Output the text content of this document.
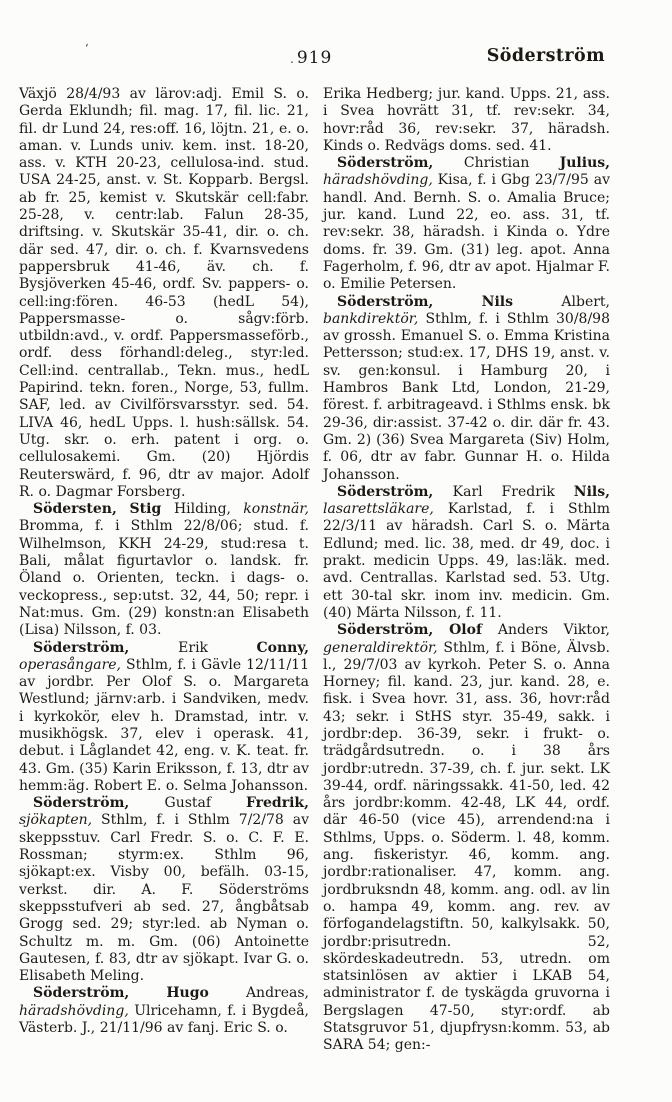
ʻ
. 919	Söderström

Växjö 28/4/93 av lärov:adj. Emil S. o. Gerda Eklundh; fil. mag. 17, fil. lic. 21, fil. dr Lund 24, res:off. 16, löjtn. 21, e. o. aman. v. Lunds univ. kem. inst. 18-20, ass. v. KTH 20-23, cellulosa-ind. stud. USA 24-25, anst. v. St. Kopparb. Bergsl. ab fr. 25, kemist v. Skutskär cell:fabr. 25-28, v. centr:lab. Falun 28-35, driftsing. v. Skutskär 35-41, dir. o. ch. där sed. 47, dir. o. ch. f. Kvarnsvedens pappersbruk 41-46, äv. ch. f. Bysjöverken 45-46, ordf. Sv. pappers- o. cell:ing:fören. 46-53 (hedL 54), Pappersmasse- o. sågv:förb. utbildn:avd., v. ordf. Pappersmasseförb., ordf. dess förhandl:deleg., styr:led. Cell:ind. centrallab., Tekn. mus., hedL Papirind. tekn. foren., Norge, 53, fullm. SAF, led. av Civilförsvarsstyr. sed. 54. LIVA 46, hedL Upps. l. hush:sällsk. 54. Utg. skr. o. erh. patent i org. o. cellulosakemi. Gm. (20) Hjördis Reuterswärd, f. 96, dtr av major. Adolf R. o. Dagmar Forsberg.

Södersten, Stig Hilding, konstnär, Bromma, f. i Sthlm 22/8/06; stud. f. Wilhelmson, KKH 24-29, stud:resa t. Bali, målat figurtavlor o. landsk. fr. Öland o. Orienten, teckn. i dags- o. veckopress., sep:utst. 32, 44, 50; repr. i Nat:mus. Gm. (29) konstn:an Elisabeth (Lisa) Nilsson, f. 03.

Söderström, Erik Conny, operasångare, Sthlm, f. i Gävle 12/11/11 av jordbr. Per Olof S. o. Margareta Westlund; järnv:arb. i Sandviken, medv. i kyrkokör, elev h. Dramstad, intr. v. musikhögsk. 37, elev i operask. 41, debut. i Låglandet 42, eng. v. K. teat. fr. 43. Gm. (35) Karin Eriksson, f. 13, dtr av hemm:äg. Robert E. o. Selma Johansson.

Söderström, Gustaf Fredrik, sjökapten, Sthlm, f. i Sthlm 7/2/78 av skeppsstuv. Carl Fredr. S. o. C. F. E. Rossman; styrm:ex. Sthlm 96, sjökapt:ex. Visby 00, befälh. 03-15, verkst. dir. A. F. Söderströms skeppsstufveri ab sed. 27, ångbåtsab Grogg sed. 29; styr:led. ab Nyman o. Schultz m. m. Gm. (06) Antoinette Gautesen, f. 83, dtr av sjökapt. Ivar G. o. Elisabeth Meling.

Söderström, Hugo Andreas, häradshövding, Ulricehamn, f. i Bygdeå, Västerb. J., 21/11/96 av fanj. Eric S. o.

Erika Hedberg; jur. kand. Upps. 21, ass. i Svea hovrätt 31, tf. rev:sekr. 34, hovr:råd 36, rev:sekr. 37, häradsh. Kinds o. Redvägs doms. sed. 41.

Söderström, Christian Julius, häradshövding, Kisa, f. i Gbg 23/7/95 av handl. And. Bernh. S. o. Amalia Bruce; jur. kand. Lund 22, eo. ass. 31, tf. rev:sekr. 38, häradsh. i Kinda o. Ydre doms. fr. 39. Gm. (31) leg. apot. Anna Fagerholm, f. 96, dtr av apot. Hjalmar F. o. Emilie Petersen.

Söderström, Nils Albert, bankdirektör, Sthlm, f. i Sthlm 30/8/98 av grossh. Emanuel S. o. Emma Kristina Pettersson; stud:ex. 17, DHS 19, anst. v. sv. gen:konsul. i Hamburg 20, i Hambros Bank Ltd, London, 21-29, förest. f. arbitrageavd. i Sthlms ensk. bk 29-36, dir:assist. 37-42 o. dir. där fr. 43. Gm. 2) (36) Svea Margareta (Siv) Holm, f. 06, dtr av fabr. Gunnar H. o. Hilda Johansson.

Söderström, Karl Fredrik Nils, lasarettsläkare, Karlstad, f. i Sthlm 22/3/11 av häradsh. Carl S. o. Märta Edlund; med. lic. 38, med. dr 49, doc. i prakt. medicin Upps. 49, las:läk. med. avd. Centrallas. Karlstad sed. 53. Utg. ett 30-tal skr. inom inv. medicin. Gm. (40) Märta Nilsson, f. 11.

Söderström, Olof Anders Viktor, generaldirektör, Sthlm, f. i Böne, Älvsb. l., 29/7/03 av kyrkoh. Peter S. o. Anna Horney; fil. kand. 23, jur. kand. 28, e. fisk. i Svea hovr. 31, ass. 36, hovr:råd 43; sekr. i StHS styr. 35-49, sakk. i jordbr:dep. 36-39, sekr. i frukt- o. trädgårdsutredn. o. i 38 års jordbr:utredn. 37-39, ch. f. jur. sekt. LK 39-44, ordf. näringssakk. 41-50, led. 42 års jordbr:komm. 42-48, LK 44, ordf. där 46-50 (vice 45), arrendend:na i Sthlms, Upps. o. Söderm. l. 48, komm. ang. fiskeristyr. 46, komm. ang. jordbr:rationaliser. 47, komm. ang. jordbruksndn 48, komm. ang. odl. av lin o. hampa 49, komm. ang. rev. av förfogandelagstiftn. 50, kalkylsakk. 50, jordbr:prisutredn. 52, skördeskadeutredn. 53, utredn. om statsinlösen av aktier i LKAB 54, administrator f. de tyskägda gruvorna i Bergslagen 47-50, styr:ordf. ab Statsgruvor 51, djupfrysn:komm. 53, ab SARA 54; gen:-
